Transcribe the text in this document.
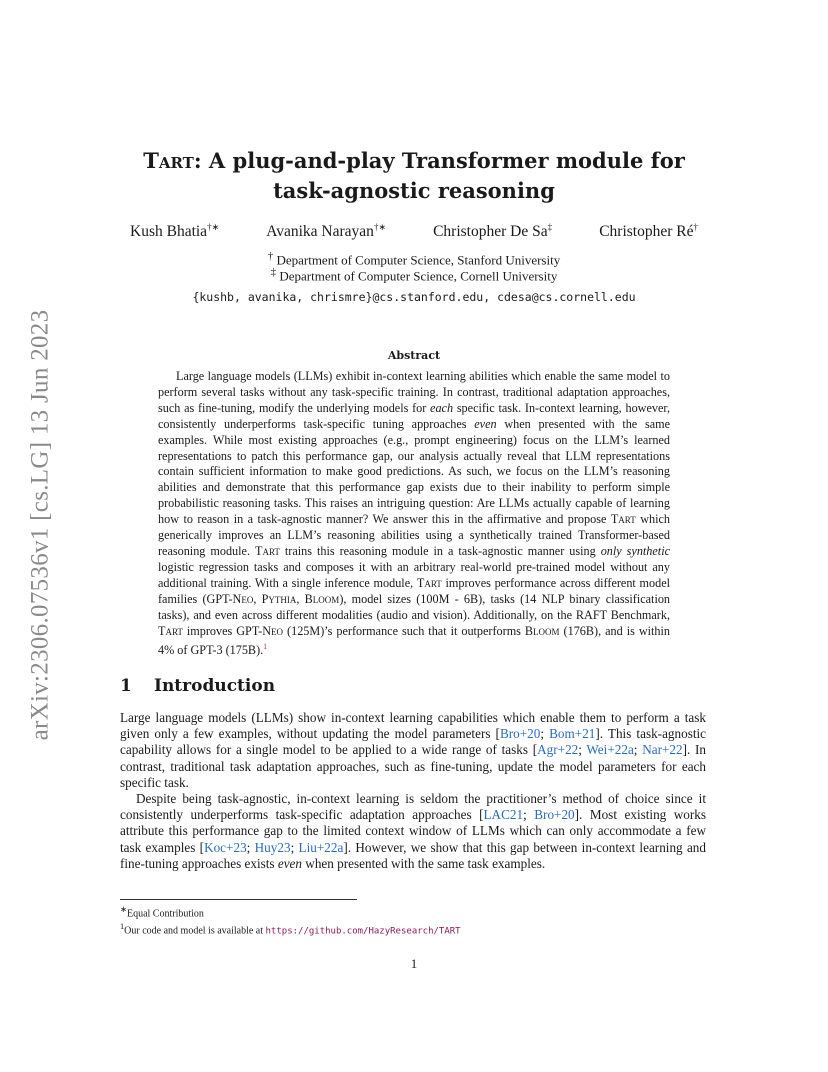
arXiv:2306.07536v1 [cs.LG] 13 Jun 2023
Tart: A plug-and-play Transformer module for
task-agnostic reasoning
Kush Bhatia†∗	Avanika Narayan†∗	Christopher De Sa‡	Christopher Ré†
† Department of Computer Science, Stanford University
‡ Department of Computer Science, Cornell University
{kushb, avanika, chrismre}@cs.stanford.edu, cdesa@cs.cornell.edu
Abstract

Large language models (LLMs) exhibit in-context learning abilities which enable the same model to perform several tasks without any task-specific training. In contrast, traditional adaptation approaches, such as fine-tuning, modify the underlying models for each specific task. In-context learning, however, consistently underperforms task-specific tuning approaches even when presented with the same examples. While most existing approaches (e.g., prompt engineering) focus on the LLM’s learned representations to patch this performance gap, our analysis actually reveal that LLM representations contain sufficient information to make good predictions. As such, we focus on the LLM’s reasoning abilities and demonstrate that this performance gap exists due to their inability to perform simple probabilistic reasoning tasks. This raises an intriguing question: Are LLMs actually capable of learning how to reason in a task-agnostic manner? We answer this in the affirmative and propose Tart which generically improves an LLM’s reasoning abilities using a synthetically trained Transformer-based reasoning module. Tart trains this reasoning module in a task-agnostic manner using only synthetic logistic regression tasks and composes it with an arbitrary real-world pre-trained model without any additional training. With a single inference module, Tart improves performance across different model families (GPT-Neo, Pythia, Bloom), model sizes (100M - 6B), tasks (14 NLP binary classification tasks), and even across different modalities (audio and vision). Additionally, on the RAFT Benchmark, Tart improves GPT-Neo (125M)’s performance such that it outperforms Bloom (176B), and is within 4% of GPT-3 (175B).$^1$

1 Introduction

Large language models (LLMs) show in-context learning capabilities which enable them to perform a task given only a few examples, without updating the model parameters [Bro+20; Bom+21]. This task-agnostic capability allows for a single model to be applied to a wide range of tasks [Agr+22; Wei+22a; Nar+22]. In contrast, traditional task adaptation approaches, such as fine-tuning, update the model parameters for each specific task.

Despite being task-agnostic, in-context learning is seldom the practitioner’s method of choice since it consistently underperforms task-specific adaptation approaches [LAC21; Bro+20]. Most existing works attribute this performance gap to the limited context window of LLMs which can only accommodate a few task examples [Koc+23; Huy23; Liu+22a]. However, we show that this gap between in-context learning and fine-tuning approaches exists even when presented with the same task examples.

∗Equal Contribution
$^1$Our code and model is available at https://github.com/HazyResearch/TART
1
